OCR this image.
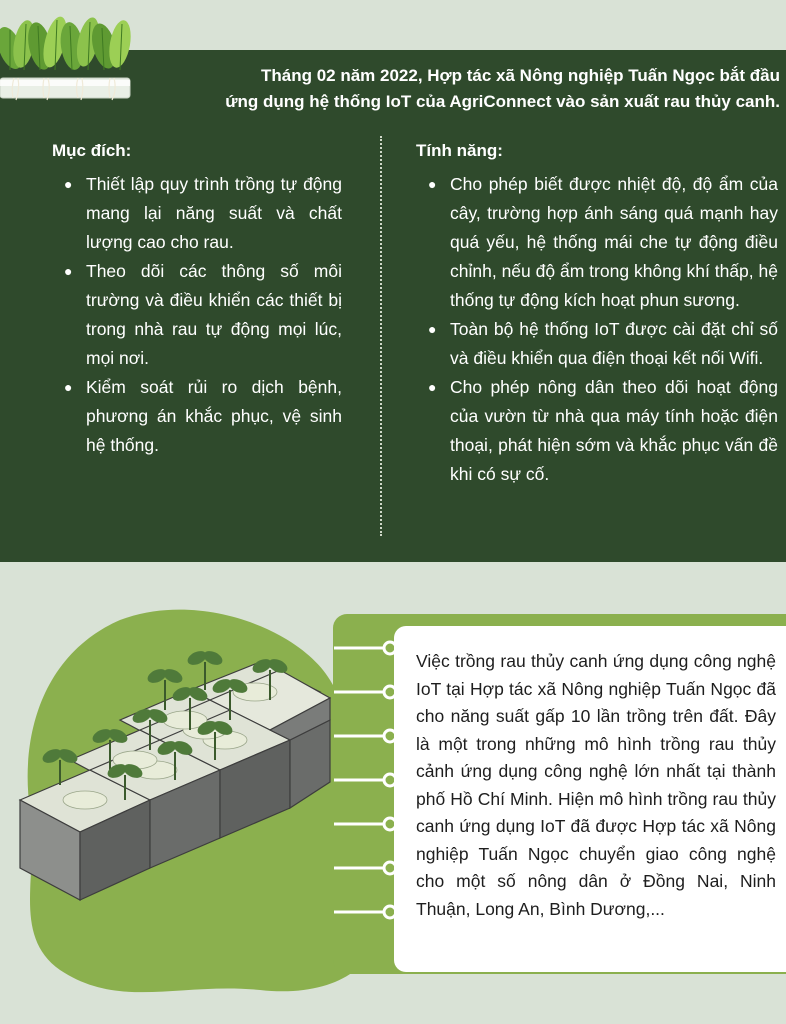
Tháng 02 năm 2022, Hợp tác xã Nông nghiệp Tuấn Ngọc bắt đầu
ứng dụng hệ thống IoT của AgriConnect vào sản xuất rau thủy canh.
Mục đích:
● Thiết lập quy trình trồng tự động mang lại năng suất và chất lượng cao cho rau.
● Theo dõi các thông số môi trường và điều khiển các thiết bị trong nhà rau tự động mọi lúc, mọi nơi.
● Kiểm soát rủi ro dịch bệnh, phương án khắc phục, vệ sinh hệ thống.
Tính năng:
● Cho phép biết được nhiệt độ, độ ẩm của cây, trường hợp ánh sáng quá mạnh hay quá yếu, hệ thống mái che tự động điều chỉnh, nếu độ ẩm trong không khí thấp, hệ thống tự động kích hoạt phun sương.
● Toàn bộ hệ thống IoT được cài đặt chỉ số và điều khiển qua điện thoại kết nối Wifi.
● Cho phép nông dân theo dõi hoạt động của vườn từ nhà qua máy tính hoặc điện thoại, phát hiện sớm và khắc phục vấn đề khi có sự cố.
Việc trồng rau thủy canh ứng dụng công nghệ IoT tại Hợp tác xã Nông nghiệp Tuấn Ngọc đã cho năng suất gấp 10 lần trồng trên đất. Đây là một trong những mô hình trồng rau thủy cảnh ứng dụng công nghệ lớn nhất tại thành phố Hồ Chí Minh. Hiện mô hình trồng rau thủy canh ứng dụng IoT đã được Hợp tác xã Nông nghiệp Tuấn Ngọc chuyển giao công nghệ cho một số nông dân ở Đồng Nai, Ninh Thuận, Long An, Bình Dương,...
